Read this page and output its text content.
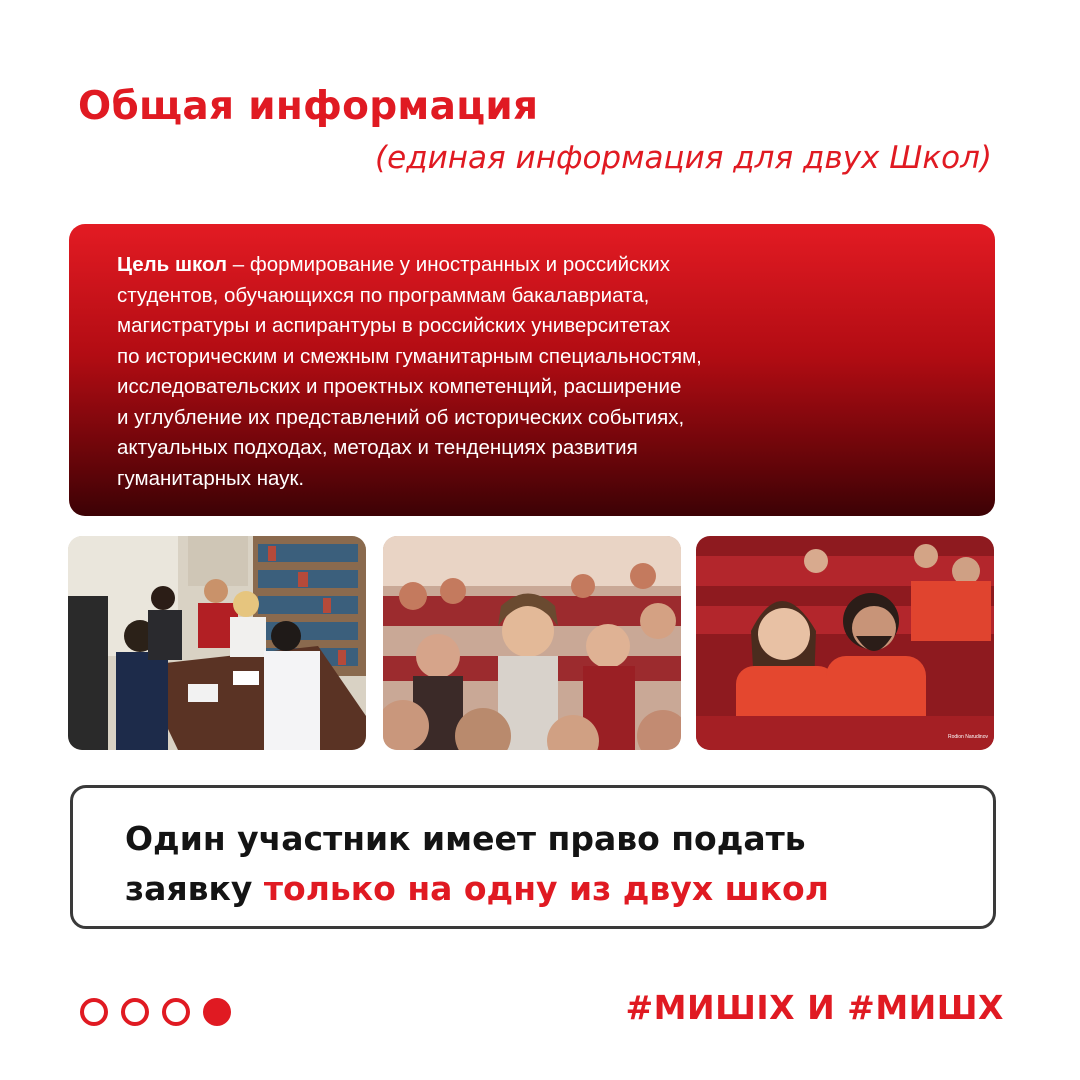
Общая информация

(единая информация для двух Школ)

Цель школ – формирование у иностранных и российских
студентов, обучающихся по программам бакалавриата,
магистратуры и аспирантуры в российских университетах
по историческим и смежным гуманитарным специальностям,
исследовательских и проектных компетенций, расширение
и углубление их представлений об исторических событиях,
актуальных подходах, методах и тенденциях развития
гуманитарных наук.

Rodion Narudinov

Один участник имеет право подать

заявку только на одну из двух школ

#МИШIX И #МИШХ
